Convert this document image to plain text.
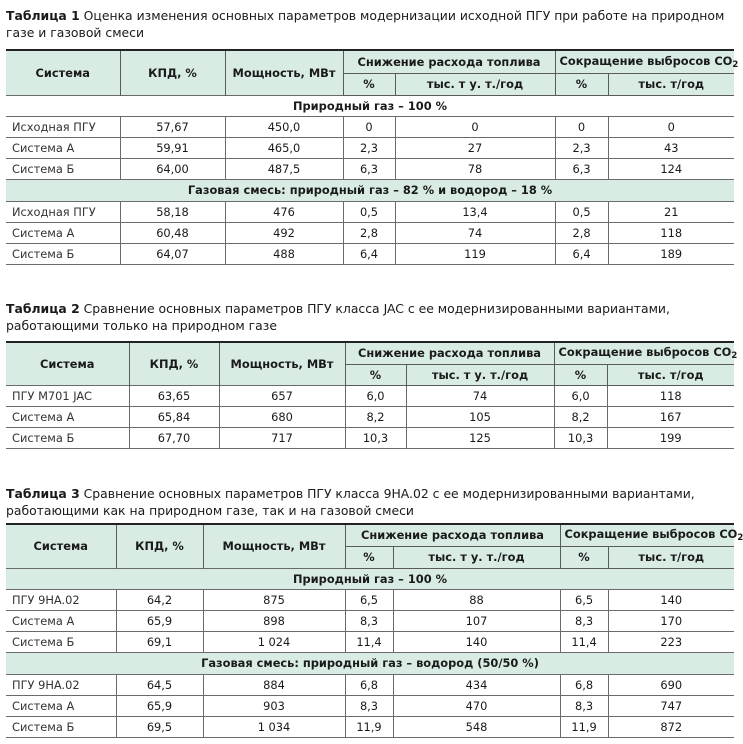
Таблица 1 Оценка изменения основных параметров модернизации исходной ПГУ при работе на природном газе и газовой смеси
Система	КПД, %	Мощность, МВт	Снижение расхода топлива		Сокращение выбросов $CO_2$
			%	тыс. т у. т./год	%	тыс. т/год
Природный газ – 100 %						
Исходная ПГУ	57,67	450,0	0	0	0	0
Система А	59,91	465,0	2,3	27	2,3	43
Система Б	64,00	487,5	6,3	78	6,3	124
Газовая смесь: природный газ – 82 % и водород – 18 %						
Исходная ПГУ	58,18	476	0,5	13,4	0,5	21
Система А	60,48	492	2,8	74	2,8	118
Система Б	64,07	488	6,4	119	6,4	189
Таблица 2 Сравнение основных параметров ПГУ класса JAC с ее модернизированными вариантами, работающими только на природном газе
Система	КПД, %	Мощность, МВт	Снижение расхода топлива		Сокращение выбросов $CO_2$
			%	тыс. т у. т./год	%	тыс. т/год
ПГУ M701 JAC	63,65	657	6,0	74	6,0	118
Система А	65,84	680	8,2	105	8,2	167
Система Б	67,70	717	10,3	125	10,3	199
Таблица 3 Сравнение основных параметров ПГУ класса 9HA.02 с ее модернизированными вариантами, работающими как на природном газе, так и на газовой смеси
Система	КПД, %	Мощность, МВт	Снижение расхода топлива		Сокращение выбросов $CO_2$
			%	тыс. т у. т./год	%	тыс. т/год
Природный газ – 100 %						
ПГУ 9HA.02	64,2	875	6,5	88	6,5	140
Система А	65,9	898	8,3	107	8,3	170
Система Б	69,1	1 024	11,4	140	11,4	223
Газовая смесь: природный газ – водород (50/50 %)						
ПГУ 9HA.02	64,5	884	6,8	434	6,8	690
Система А	65,9	903	8,3	470	8,3	747
Система Б	69,5	1 034	11,9	548	11,9	872
